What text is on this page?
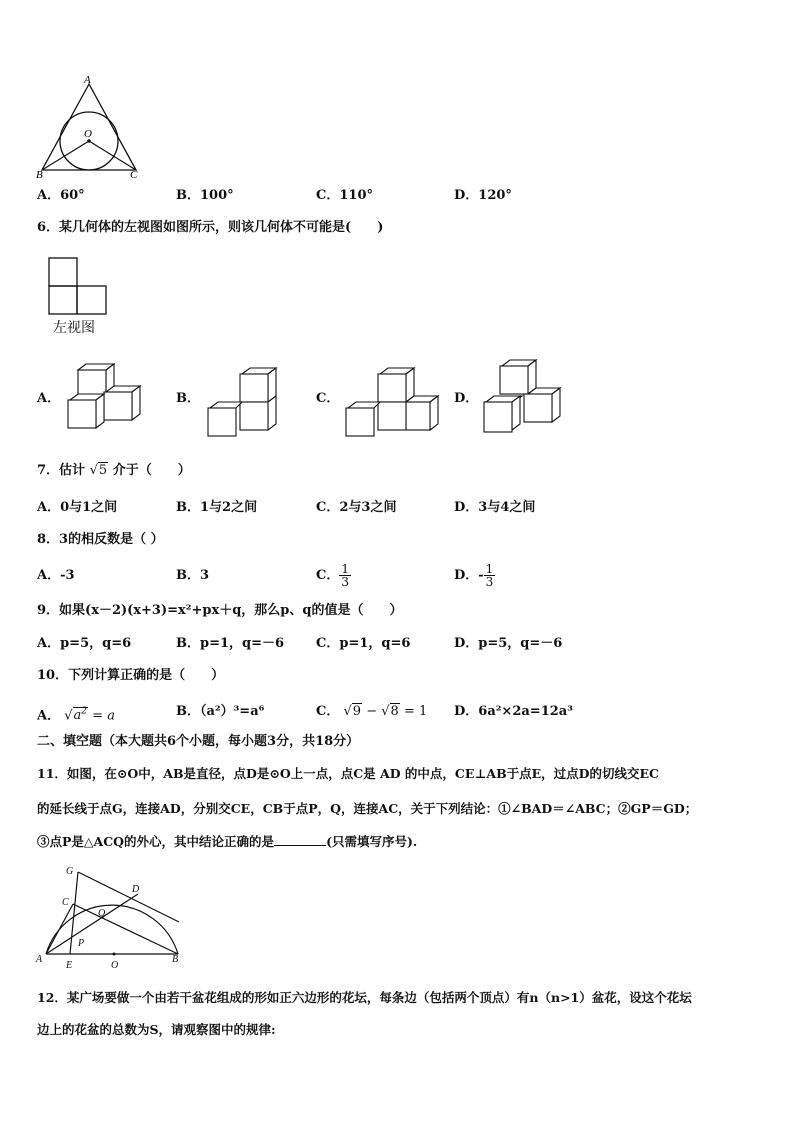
A
O
B	C
A．60°	B．100°	C．110°	D．120°
6．某几何体的左视图如图所示，则该几何体不可能是(　　)
左视图
A．	B．	C．	D．
7．估计 √5 介于（　　）
A．0与1之间	B．1与2之间	C．2与3之间	D．3与4之间
8．3的相反数是（ ）
A．-3	B．3	C． $\frac{1}{3}$	D．- $\frac{1}{3}$
9．如果(x－2)(x+3)=x²+px＋q，那么p、q的值是（　　）
A．p=5，q=6	B．p=1，q=－6 C．p=1，q=6	D．p=5，q=－6
10．下列计算正确的是（　　）
A． $√a^2 = a$	B．（a²）³=a⁶	C． √9 − √8 = 1 D．6a²×2a=12a³
二、填空题（本大题共6个小题，每小题3分，共18分）
11．如图，在⊙O中，AB是直径，点D是⊙O上一点，点C是 AD 的中点，CE⊥AB于点E，过点D的切线交EC
的延长线于点G，连接AD，分别交CE，CB于点P，Q，连接AC，关于下列结论：①∠BAD＝∠ABC；②GP＝GD；
③点P是△ACQ的外心，其中结论正确的是	(只需填写序号).
G
C
D
Q
P
A
E	O
B
12．某广场要做一个由若干盆花组成的形如正六边形的花坛，每条边（包括两个顶点）有n（n>1）盆花，设这个花坛
边上的花盆的总数为S，请观察图中的规律:
